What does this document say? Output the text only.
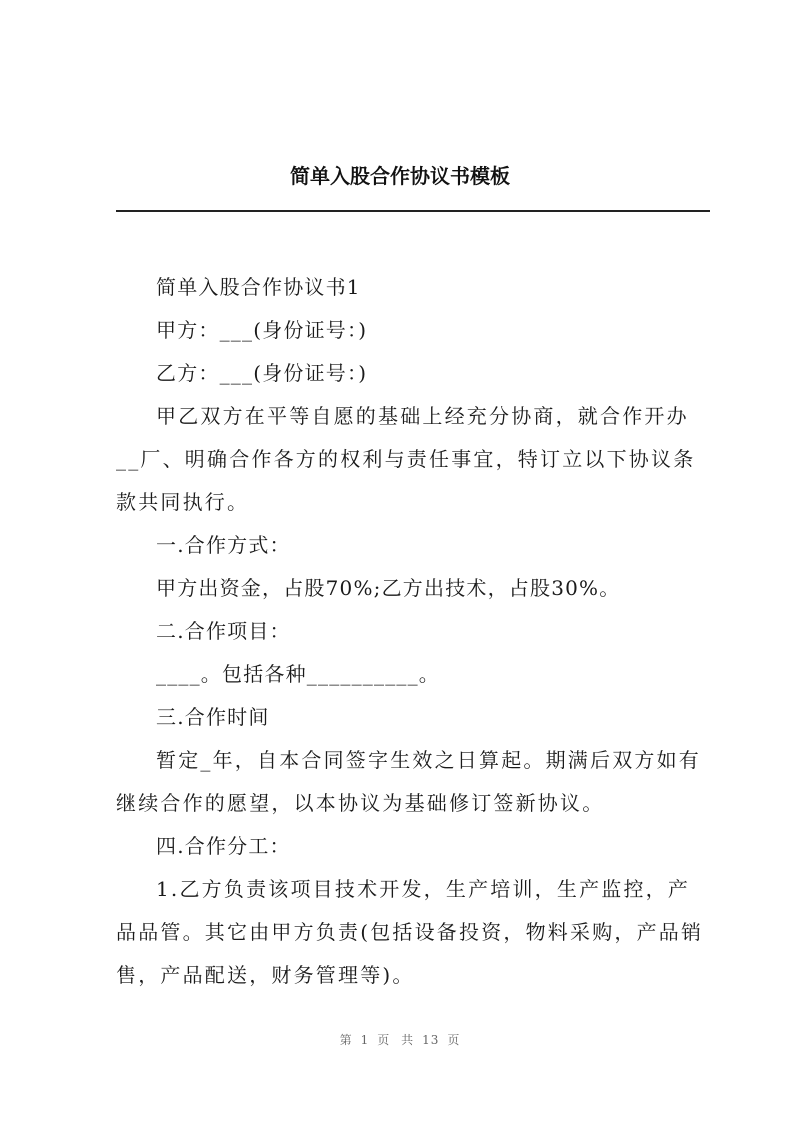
简单入股合作协议书模板

简单入股合作协议书1

甲方：___(身份证号：)

乙方：___(身份证号：)

甲乙双方在平等自愿的基础上经充分协商，就合作开办__厂、明确合作各方的权利与责任事宜，特订立以下协议条款共同执行。

一.合作方式：

甲方出资金，占股70%;乙方出技术，占股30%。

二.合作项目：

____。包括各种__________。

三.合作时间

暂定_年，自本合同签字生效之日算起。期满后双方如有继续合作的愿望，以本协议为基础修订签新协议。

四.合作分工：

1.乙方负责该项目技术开发，生产培训，生产监控，产品品管。其它由甲方负责(包括设备投资，物料采购，产品销售，产品配送，财务管理等)。

第 1 页 共 13 页
